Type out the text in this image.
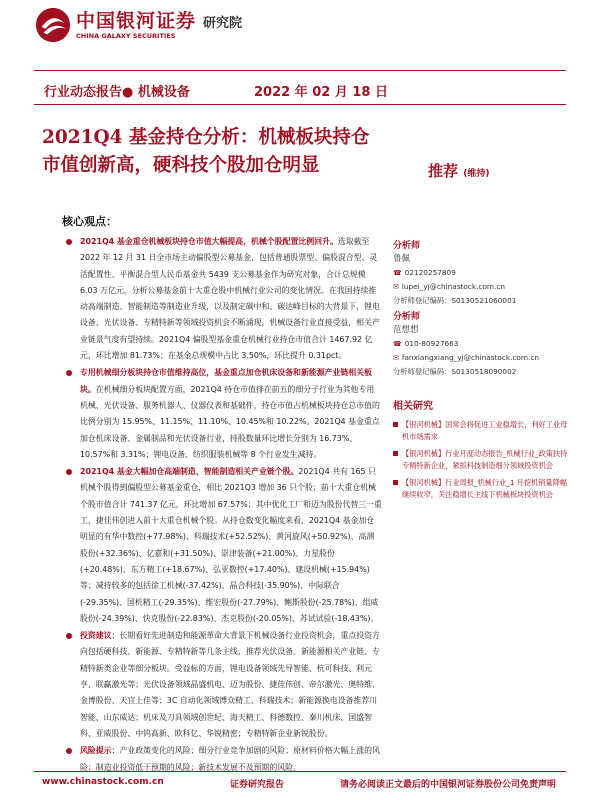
中国银河证券
CHINA GALAXY SECURITIES
研究院
行业动态报告● 机械设备	2022 年 02 月 18 日
2021Q4 基金持仓分析：机械板块持仓市值创新高，硬科技个股加仓明显	推荐 (维持)
核心观点：

2021Q4 基金重仓机械板块持仓市值大幅提高，机械个股配置比例回升。选取截至 2022 年 12 月 31 日全市场主动偏股型公募基金，包括普通股票型、偏股混合型、灵活配置性、平衡混合型人民币基金共 5439 支公募基金作为研究对象，合计总规模 6.03 万亿元，分析公募基金前十大重仓股中机械行业公司的变化情况。在我国持续推动高端制造、智能制造等制造业升级，以及制定碳中和、碳达峰目标的大背景下，锂电设备、光伏设备、专精特新等领域投资机会不断涌现，机械设备行业直接受益，相关产业链景气度有望持续。2021Q4 偏股型基金重仓机械行业持仓市值合计 1467.92 亿元，环比增加 81.73%；在基金总规模中占比 3.50%，环比提升 0.31pct。

专用机械细分板块持仓市值维持高位，基金重点加仓机床设备和新能源产业链相关板块。在机械细分板块配置方面，2021Q4 持仓市值排在前五的细分子行业为其他专用机械、光伏设备、服务机器人、仪器仪表和基础件，持仓市值占机械板块持仓总市值的比例分别为 15.95%、11.15%、11.10%、10.45%和 10.22%。2021Q4 基金重点加仓机床设备、金属制品和光伏设备行业，持股数量环比增长分别为 16.73%、10.57%和 3.31%；锂电设备、纺织服装机械等 8 个行业发生减持。

2021Q4 基金大幅加仓高端制造、智能制造相关产业链个股。2021Q4 共有 165 只机械个股得到偏股型公募基金重仓，相比 2021Q3 增加 36 只个股；前十大重仓机械个股市值合计 741.37 亿元，环比增加 67.57%；其中优化工厂和迈为股份代替三一重工，捷佳伟创进入前十大重仓机械个股。从持仓数变化幅度来看，2021Q4 基金加仓明显的有华中数控(+77.98%)、科瑞技术(+52.52%)、黄河旋风(+50.92%)、高测股份(+32.36%)、亿嘉和(+31.50%)、崇津装备(+21.00%)、力星股份(+20.48%)、东方精工(+18.67%)、弘亚数控(+17.40%)、建设机械(+15.94%)等；减持较多的包括徐工机械(-37.42%)、晶合科技(-35.90%)、中际联合(-29.35%)、国机精工(-29.35%)、维宏股份(-27.79%)、鲍斯股份(-25.78%)、组威股份(-24.39%)、快克股份(-22.83%)、杰克股份(-20.05%)、苏试试验(-18.43%)。

投资建议：长期看好先进制造和能源革命大背景下机械设备行业投资机会，重点投资方向包括硬科技、新能源、专精特新等几条主线，推荐光伏设备、新能源相关产业链、专精特新类企业等细分板块。受益标的方面，锂电设备领域先导智能、杭可科技、利元亨、联赢激光等；光伏设备领域晶盛机电、迈为股份、捷佳伟创、帝尔激光、奥特维、金博股份、天宜上佳等；3C 自动化领域博众精工、科瑞技术；新能源换电设备推荐川智能、山东威达；机床及刀具领域创世纪、海天精工、科德数控、秦川机床、国盛智科、亚威股份、中钨高新、欧科亿、华锐精密；专精特新企业新锐股份。

风险提示：产业政策变化的风险；细分行业竞争加剧的风险；原材料价格大幅上涨的风险；制造业投资低于预期的风险；新技术发展不及预期的风险。

分析师
鲁佩
☎ 02120257809
✉ lupei_yj@chinastock.com.cn
分析师登记编码：S0130521060001
分析师
范想想
☎ 010-80927663
✉ fanxiangxiang_yj@chinastock.com.cn
分析师登记编码：S0130518090002
相关研究
【银河机械】国常会将促进工业稳增长，利好工业母机市场需求
【银河机械】行业月度动态报告_机械行业_政策扶持专精特新企业，紧抓科技制造细分领域投资机会
【银河机械】行业周报_机械行业_1 月挖机销量降幅继续收窄，关注稳增长主线下机械板块投资机会
www.chinastock.com.cn	证券研究报告	请务必阅读正文最后的中国银河证券股份公司免责声明
